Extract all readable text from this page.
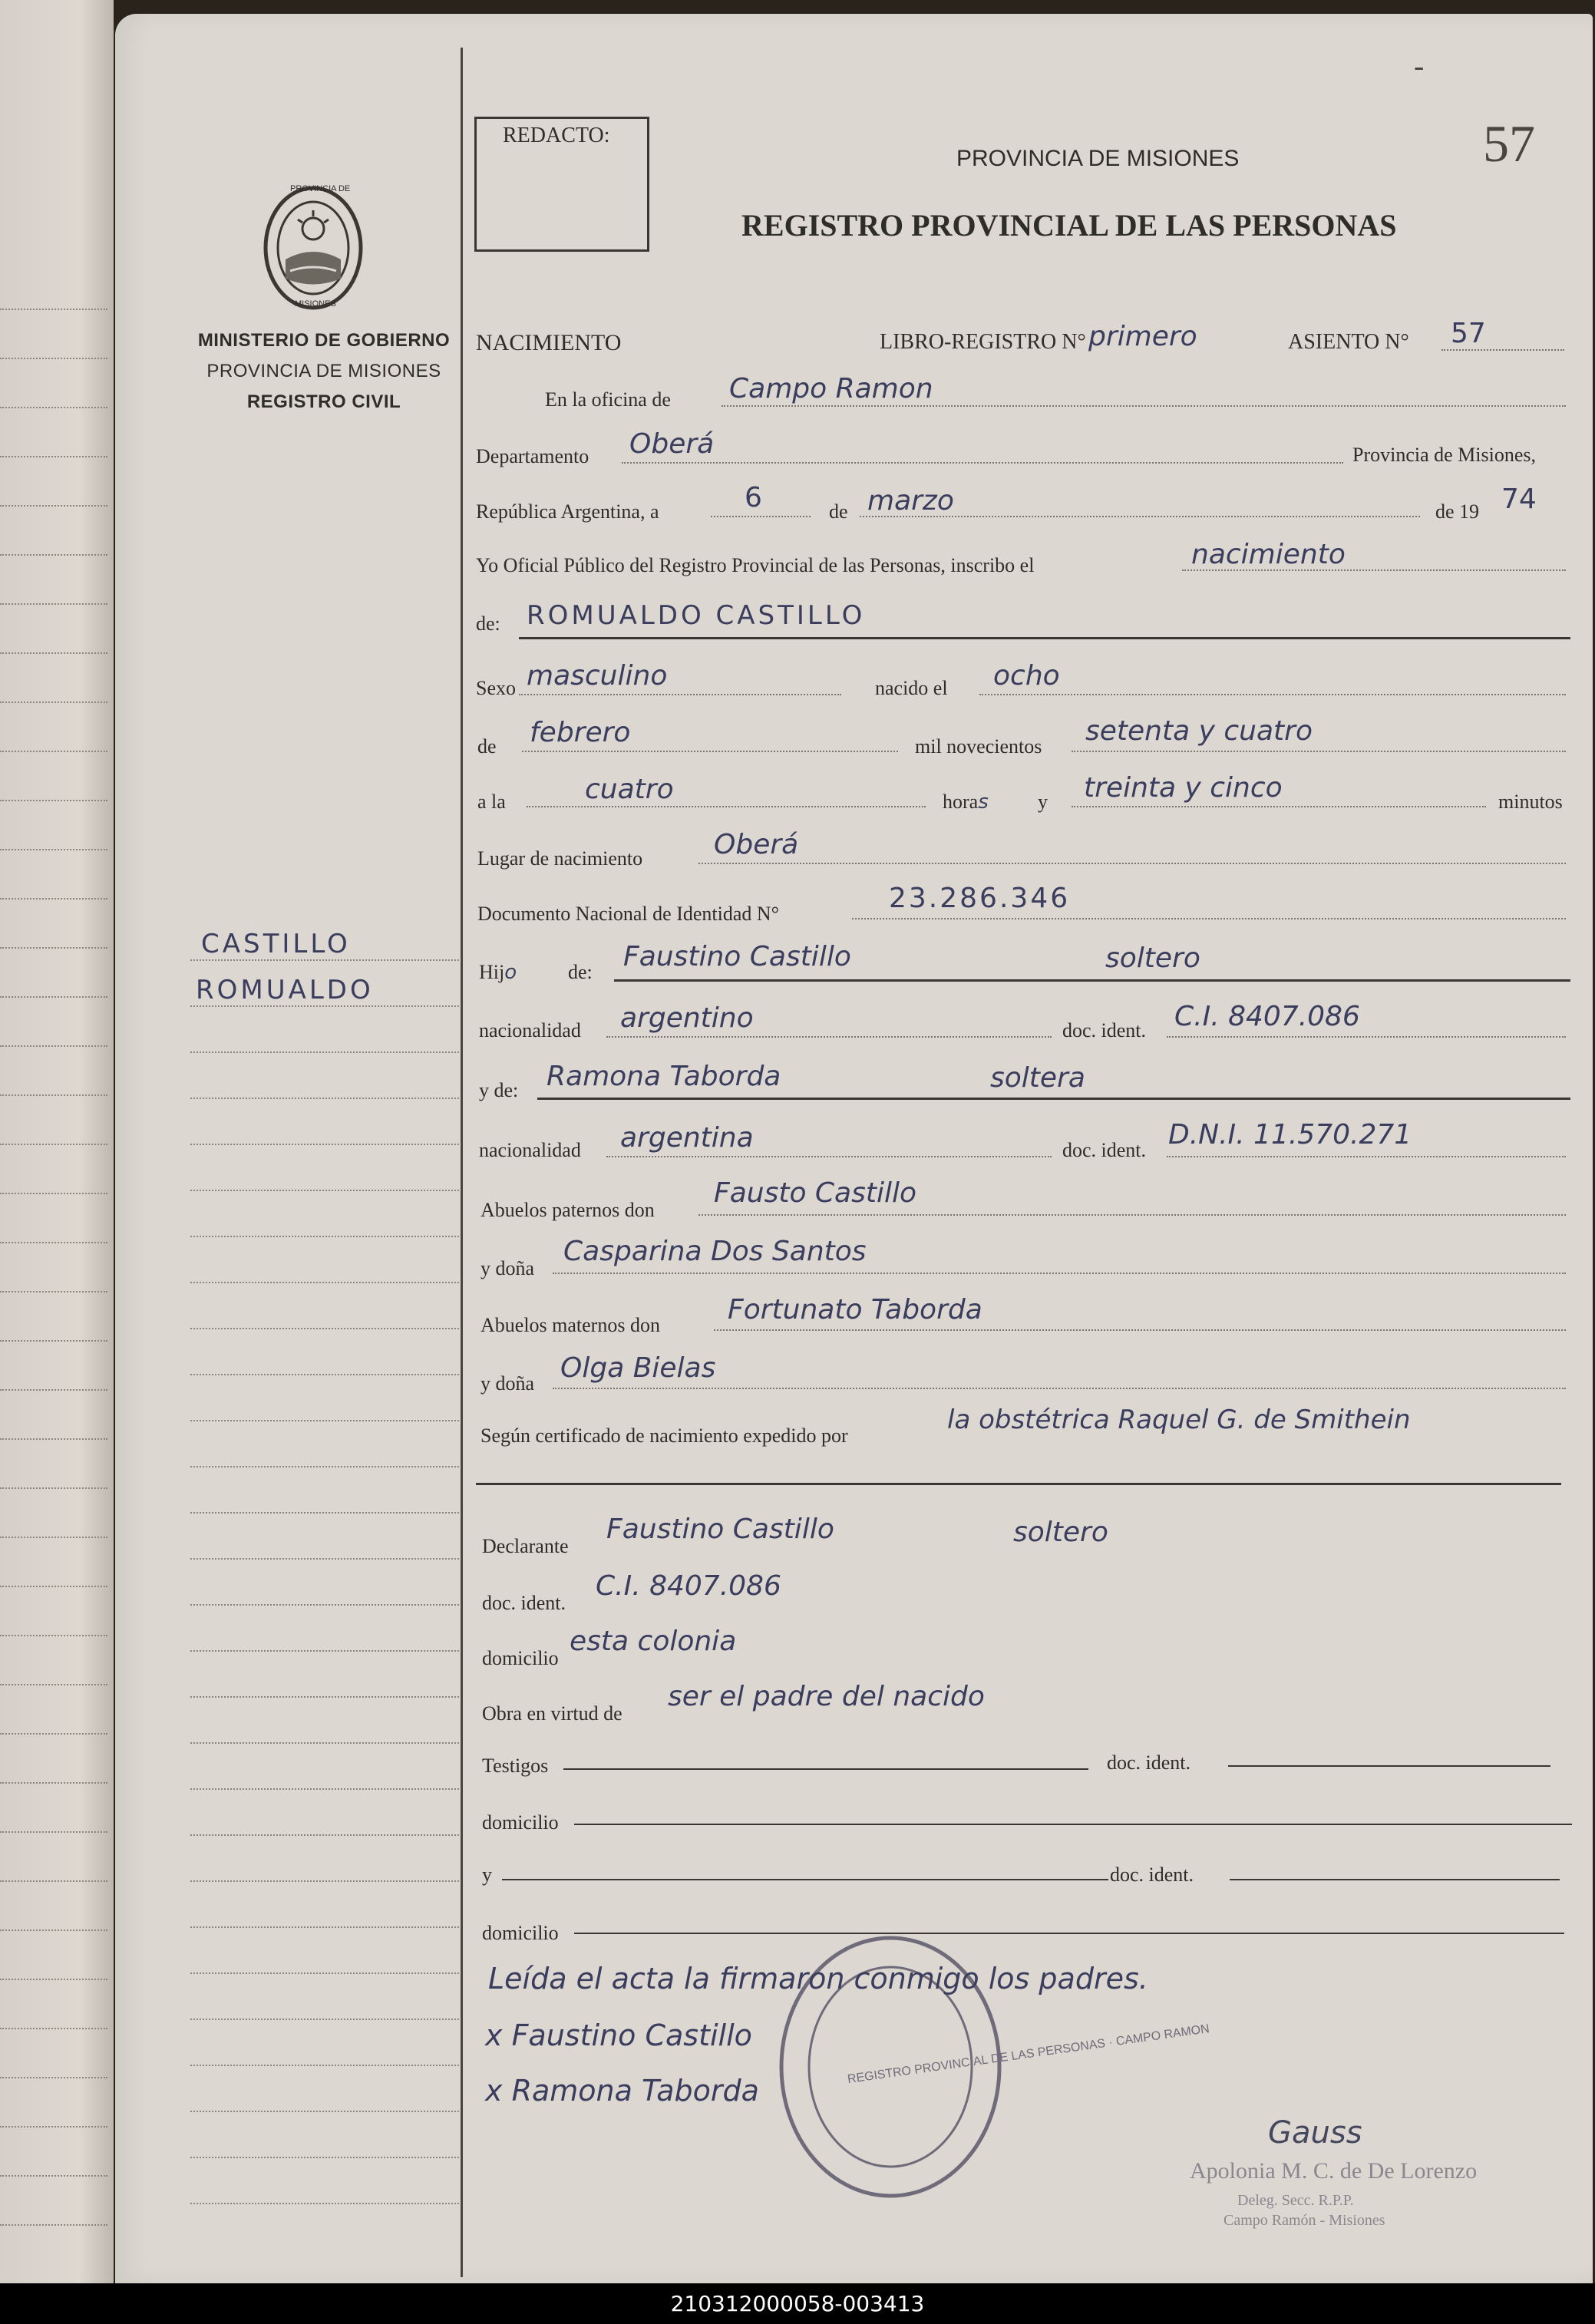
PROVINCIA DE
MISIONES
MINISTERIO DE GOBIERNO
PROVINCIA DE MISIONES
REGISTRO CIVIL
CASTILLO
ROMUALDO
REDACTO:
PROVINCIA DE MISIONES
REGISTRO PROVINCIAL DE LAS PERSONAS
57
-
NACIMIENTO	LIBRO-REGISTRO N° primero	ASIENTO N° 57
En la oficina de Campo Ramon
Departamento Oberá	Provincia de Misiones,
República Argentina, a	6	de marzo	de 19 74
Yo Oficial Público del Registro Provincial de las Personas, inscribo el	nacimiento
de: ROMUALDO CASTILLO
Sexo masculino	nacido el ocho
de febrero	mil novecientos setenta y cuatro
a la	cuatro	horas y treinta y cinco	minutos
Lugar de nacimiento	Oberá
Documento Nacional de Identidad N°	23.286.346
Hijo	de: Faustino Castillo	soltero
nacionalidad argentino	doc. ident. C.I. 8407.086
y de: Ramona Taborda	soltera
nacionalidad argentina	doc. ident. D.N.I. 11.570.271
Abuelos paternos don
Fausto Castillo
y doña
Casparina Dos Santos
Abuelos maternos don Fortunato Taborda
y doña Olga Bielas
Según certificado de nacimiento expedido por
la obstétrica Raquel G. de Smithein
Declarante
Faustino Castillo	soltero
doc. ident.
C.I. 8407.086
domicilio
esta colonia
Obra en virtud de
ser el padre del nacido
Testigos	doc. ident.
domicilio
y	doc. ident.
domicilio
REGISTRO PROVINCIAL DE LAS PERSONAS · CAMPO RAMON
Leída el acta la firmaron conmigo los padres.
x Faustino Castillo
x Ramona Taborda
Gauss
Apolonia M. C. de De Lorenzo
Deleg. Secc. R.P.P.
Campo Ramón - Misiones
210312000058-003413
